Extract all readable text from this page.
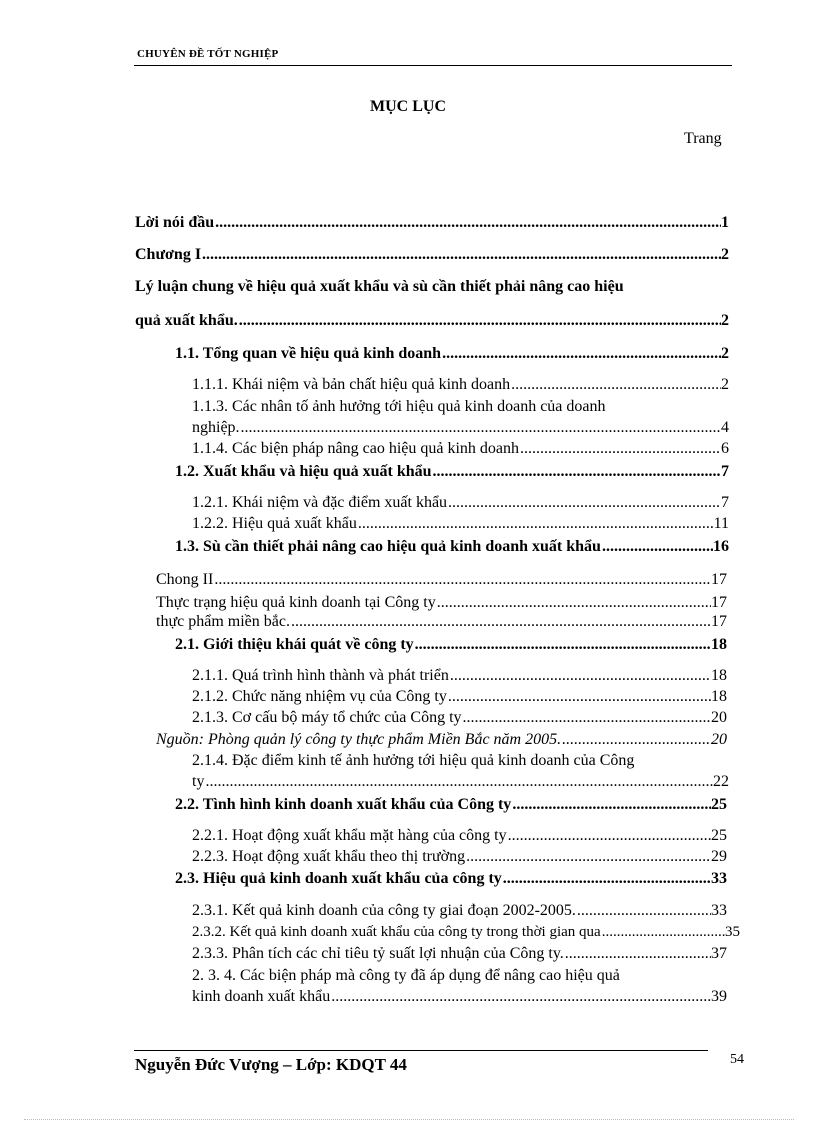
CHUYÊN ĐỀ TỐT NGHIỆP
MỤC LỤC
Trang
Lời nói đầu .....	1
Chương I .....	2
Lý luận chung về hiệu quả xuất khẩu và sù cần thiết phải nâng cao hiệu
quả xuất khẩu. .....	2
1.1. Tổng quan về hiệu quả kinh doanh .....	2
1.1.1. Khái niệm và bản chất hiệu quả kinh doanh .....	2
1.1.3. Các nhân tố ảnh hưởng tới hiệu quả kinh doanh của doanh
nghiệp. .....	4
1.1.4. Các biện pháp nâng cao hiệu quả kinh doanh .....	6
1.2. Xuất khẩu và hiệu quả xuất khẩu .....	7
1.2.1. Khái niệm và đặc điểm xuất khẩu .....	7
1.2.2. Hiệu quả xuất khẩu .....	11
1.3. Sù cần thiết phải nâng cao hiệu quả kinh doanh xuất khẩu .....	16
Chong II .....	17
Thực trạng hiệu quả kinh doanh tại Công ty .....	17
thực phẩm miền bắc. .....	17
2.1. Giới thiệu khái quát về công ty .....	18
2.1.1. Quá trình hình thành và phát triển .....	18
2.1.2. Chức năng nhiệm vụ của Công ty .....	18
2.1.3. Cơ cấu bộ máy tổ chức của Công ty .....	20
Nguồn: Phòng quản lý công ty thực phẩm Miền Bắc năm 2005. .....	20
2.1.4. Đặc điểm kinh tế ảnh hưởng tới hiệu quả kinh doanh của Công
ty .....	22
2.2. Tình hình kinh doanh xuất khẩu của Công ty .....	25
2.2.1. Hoạt động xuất khẩu mặt hàng của công ty .....	25
2.2.3. Hoạt động xuất khẩu theo thị trường .....	29
2.3. Hiệu quả kinh doanh xuất khẩu của công ty .....	33
2.3.1. Kết quả kinh doanh của công ty giai đoạn 2002-2005. .....	33
2.3.2. Kết quả kinh doanh xuất khẩu của công ty trong thời gian qua .....	35
2.3.3. Phân tích các chỉ tiêu tỷ suất lợi nhuận của Công ty. .....	37
2. 3. 4. Các biện pháp mà công ty đã áp dụng để nâng cao hiệu quả
kinh doanh xuất khẩu .....	39
Nguyễn Đức Vượng – Lớp: KDQT 44	54
